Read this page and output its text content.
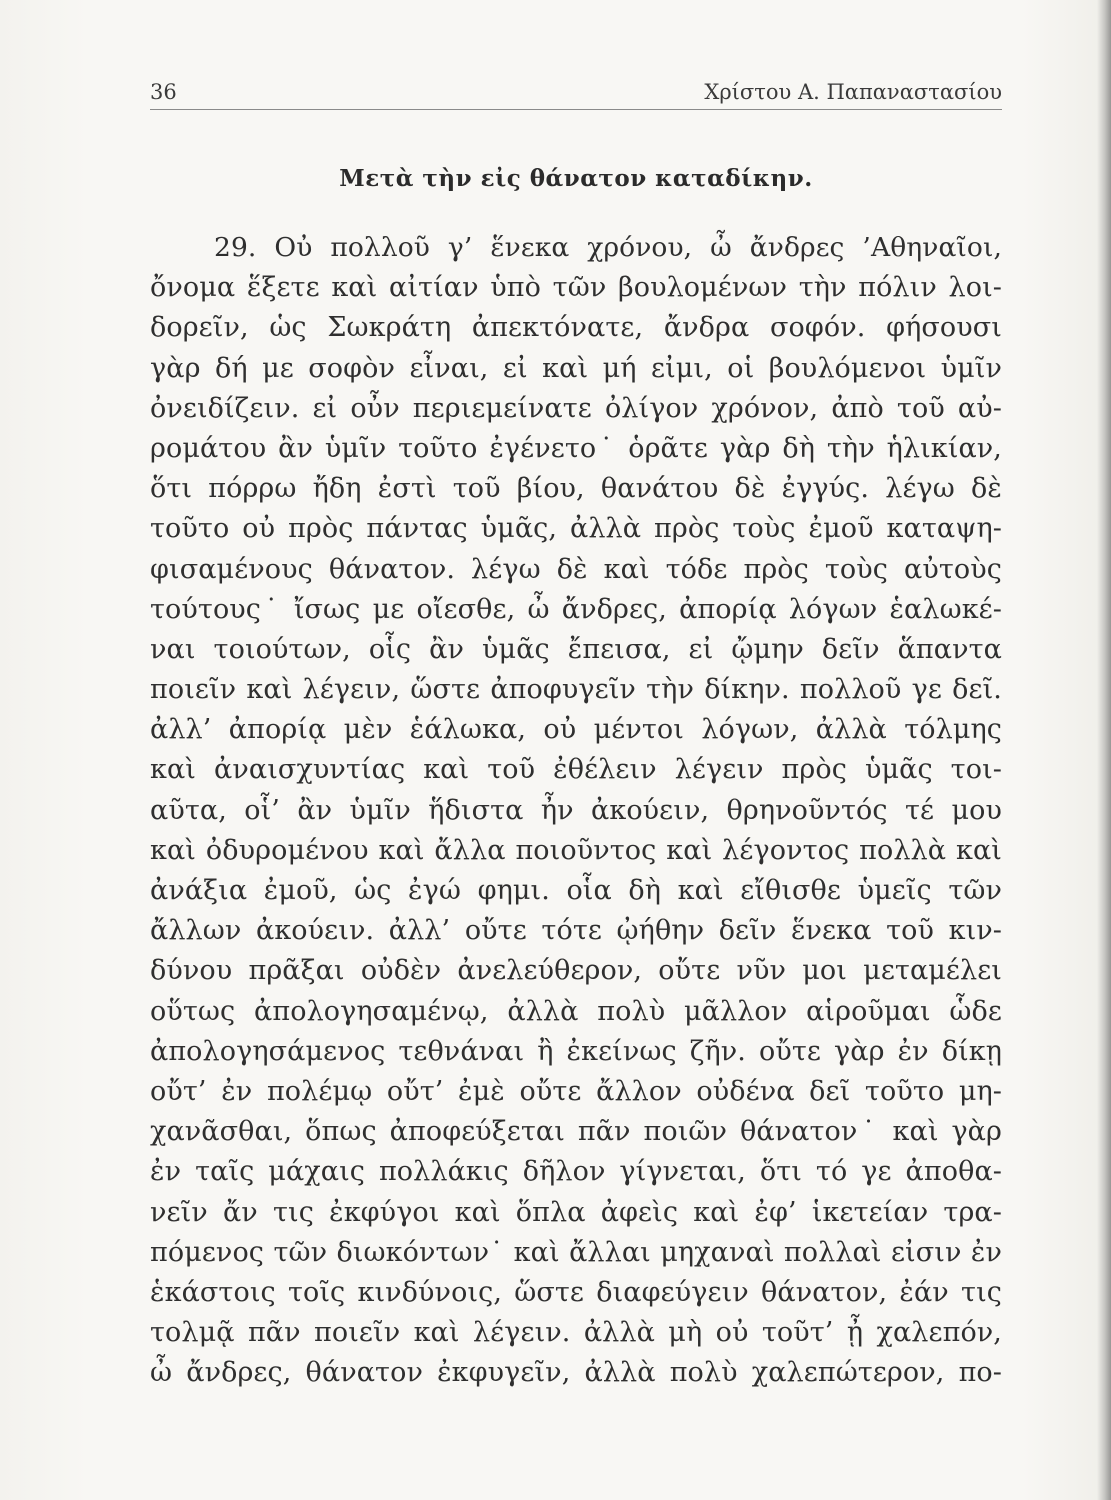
36	Χρίστου Α. Παπαναστασίου
Μετὰ τὴν εἰς θάνατον καταδίκην.
29. Οὐ πολλοῦ γ’ ἕνεκα χρόνου, ὦ ἄνδρες ’Αθηναῖοι,
ὄνομα ἕξετε καὶ αἰτίαν ὑπὸ τῶν βουλομένων τὴν πόλιν λοι-
δορεῖν, ὡς Σωκράτη ἀπεκτόνατε, ἄνδρα σοφόν. φήσουσι
γὰρ δή με σοφὸν εἶναι, εἰ καὶ μή εἰμι, οἱ βουλόμενοι ὑμῖν
ὀνειδίζειν. εἰ οὖν περιεμείνατε ὀλίγον χρόνον, ἀπὸ τοῦ αὐ-
ρομάτου ἂν ὑμῖν τοῦτο ἐγένετο˙ ὁρᾶτε γὰρ δὴ τὴν ἡλικίαν,
ὅτι πόρρω ἤδη ἐστὶ τοῦ βίου, θανάτου δὲ ἐγγύς. λέγω δὲ
τοῦτο οὐ πρὸς πάντας ὑμᾶς, ἀλλὰ πρὸς τοὺς ἐμοῦ καταψη-
φισαμένους θάνατον. λέγω δὲ καὶ τόδε πρὸς τοὺς αὐτοὺς
τούτους˙ ἴσως με οἴεσθε, ὦ ἄνδρες, ἀπορίᾳ λόγων ἑαλωκέ-
ναι τοιούτων, οἷς ἂν ὑμᾶς ἔπεισα, εἰ ᾤμην δεῖν ἅπαντα
ποιεῖν καὶ λέγειν, ὥστε ἀποφυγεῖν τὴν δίκην. πολλοῦ γε δεῖ.
ἀλλ’ ἀπορίᾳ μὲν ἑάλωκα, οὐ μέντοι λόγων, ἀλλὰ τόλμης
καὶ ἀναισχυντίας καὶ τοῦ ἐθέλειν λέγειν πρὸς ὑμᾶς τοι-
αῦτα, οἷ’ ἂν ὑμῖν ἥδιστα ἦν ἀκούειν, θρηνοῦντός τέ μου
καὶ ὀδυρομένου καὶ ἄλλα ποιοῦντος καὶ λέγοντος πολλὰ καὶ
ἀνάξια ἐμοῦ, ὡς ἐγώ φημι. οἷα δὴ καὶ εἴθισθε ὑμεῖς τῶν
ἄλλων ἀκούειν. ἀλλ’ οὔτε τότε ᾠήθην δεῖν ἕνεκα τοῦ κιν-
δύνου πρᾶξαι οὐδὲν ἀνελεύθερον, οὔτε νῦν μοι μεταμέλει
οὕτως ἀπολογησαμένῳ, ἀλλὰ πολὺ μᾶλλον αἱροῦμαι ὧδε
ἀπολογησάμενος τεθνάναι ἢ ἐκείνως ζῆν. οὔτε γὰρ ἐν δίκῃ
οὔτ’ ἐν πολέμῳ οὔτ’ ἐμὲ οὔτε ἄλλον οὐδένα δεῖ τοῦτο μη-
χανᾶσθαι, ὅπως ἀποφεύξεται πᾶν ποιῶν θάνατον˙ καὶ γὰρ
ἐν ταῖς μάχαις πολλάκις δῆλον γίγνεται, ὅτι τό γε ἀποθα-
νεῖν ἄν τις ἐκφύγοι καὶ ὅπλα ἀφεὶς καὶ ἐφ’ ἱκετείαν τρα-
πόμενος τῶν διωκόντων˙ καὶ ἄλλαι μηχαναὶ πολλαὶ εἰσιν ἐν
ἑκάστοις τοῖς κινδύνοις, ὥστε διαφεύγειν θάνατον, ἐάν τις
τολμᾷ πᾶν ποιεῖν καὶ λέγειν. ἀλλὰ μὴ οὐ τοῦτ’ ᾖ χαλεπόν,
ὦ ἄνδρες, θάνατον ἐκφυγεῖν, ἀλλὰ πολὺ χαλεπώτερον, πο-
